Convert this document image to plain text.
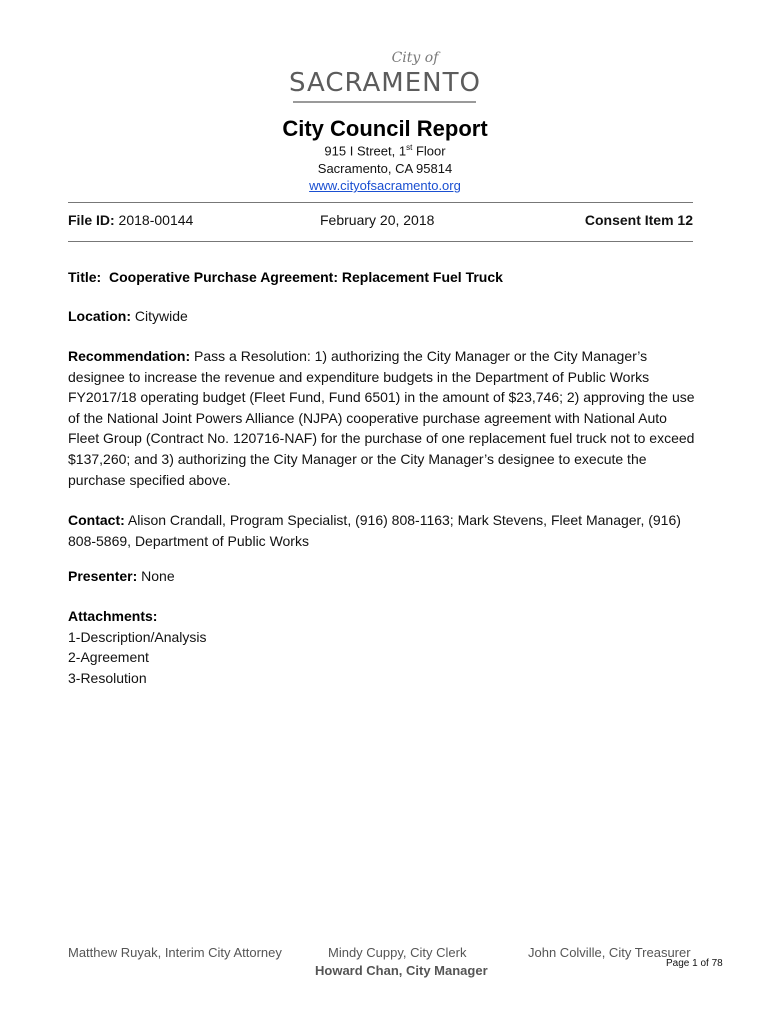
City of
SACRAMENTO
City Council Report
915 I Street, 1st Floor
Sacramento, CA 95814
www.cityofsacramento.org
File ID: 2018-00144	February 20, 2018	Consent Item 12
Title: Cooperative Purchase Agreement: Replacement Fuel Truck
Location: Citywide
Recommendation: Pass a Resolution: 1) authorizing the City Manager or the City Manager’s designee to increase the revenue and expenditure budgets in the Department of Public Works FY2017/18 operating budget (Fleet Fund, Fund 6501) in the amount of $23,746; 2) approving the use of the National Joint Powers Alliance (NJPA) cooperative purchase agreement with National Auto Fleet Group (Contract No. 120716-NAF) for the purchase of one replacement fuel truck not to exceed $137,260; and 3) authorizing the City Manager or the City Manager’s designee to execute the purchase specified above.
Contact: Alison Crandall, Program Specialist, (916) 808-1163; Mark Stevens, Fleet Manager, (916) 808-5869, Department of Public Works
Presenter: None
Attachments:
1-Description/Analysis
2-Agreement
3-Resolution
Matthew Ruyak, Interim City Attorney	Mindy Cuppy, City Clerk	John Colville, City Treasurer
Howard Chan, City Manager	Page 1 of 78
